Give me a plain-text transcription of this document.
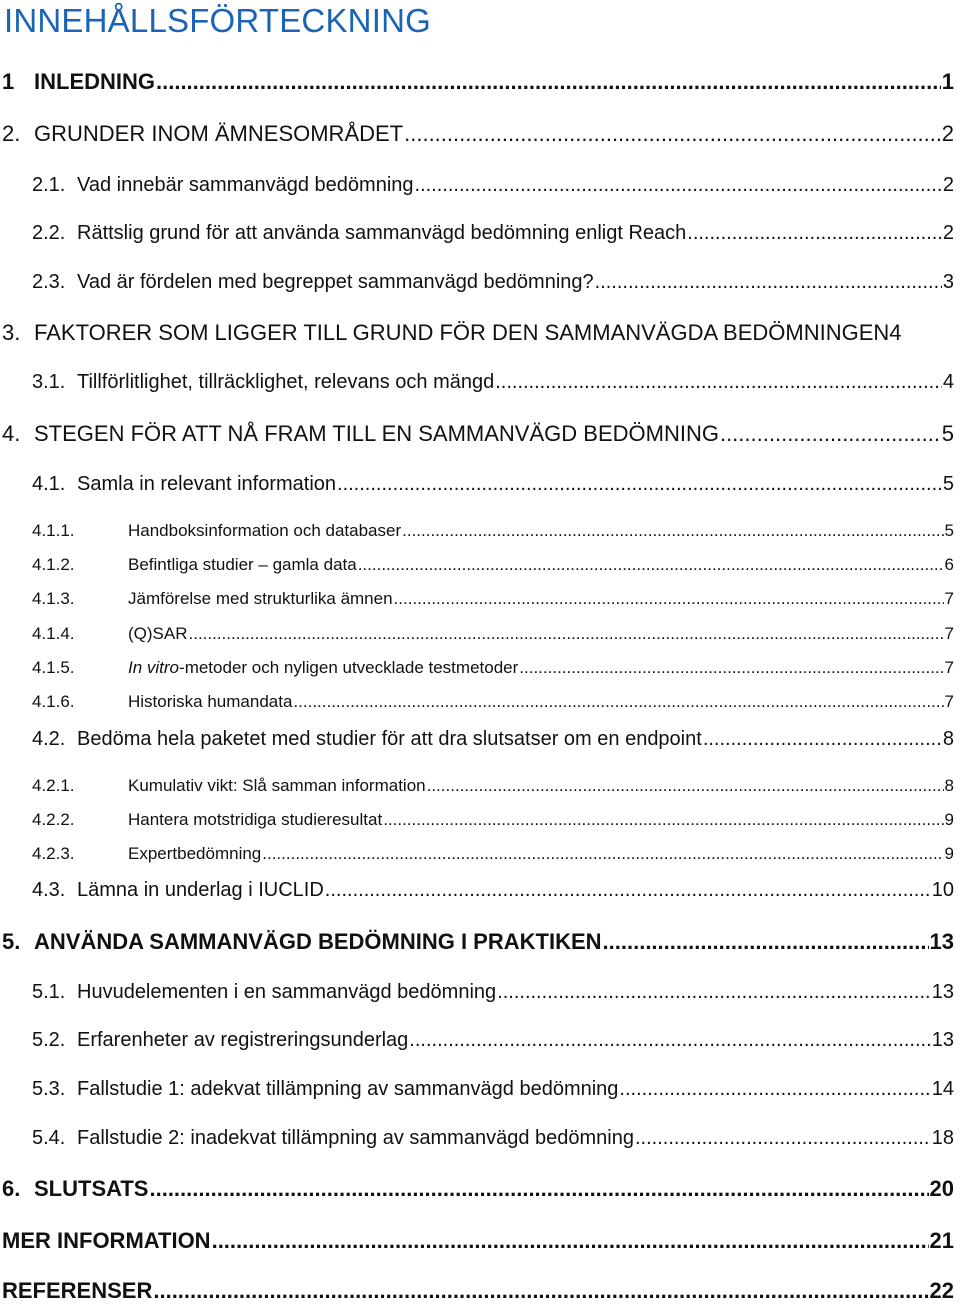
INNEHÅLLSFÖRTECKNING
1 INLEDNING .....	1
2. GRUNDER INOM ÄMNESOMRÅDET .....	2
2.1. Vad innebär sammanvägd bedömning .....	2
2.2. Rättslig grund för att använda sammanvägd bedömning enligt Reach .....	2
2.3. Vad är fördelen med begreppet sammanvägd bedömning? .....	3
3. FAKTORER SOM LIGGER TILL GRUND FÖR DEN SAMMANVÄGDA BEDÖMNINGEN 4
3.1. Tillförlitlighet, tillräcklighet, relevans och mängd .....	4
4. STEGEN FÖR ATT NÅ FRAM TILL EN SAMMANVÄGD BEDÖMNING .....	5
4.1. Samla in relevant information .....	5
4.1.1.	Handboksinformation och databaser .....	5
4.1.2.	Befintliga studier – gamla data .....	6
4.1.3.	Jämförelse med strukturlika ämnen .....	7
4.1.4.	(Q)SAR .....	7
4.1.5.	In vitro-metoder och nyligen utvecklade testmetoder .....	7
4.1.6.	Historiska humandata .....	7
4.2. Bedöma hela paketet med studier för att dra slutsatser om en endpoint .....	8
4.2.1.	Kumulativ vikt: Slå samman information .....	8
4.2.2.	Hantera motstridiga studieresultat .....	9
4.2.3.	Expertbedömning .....	9
4.3. Lämna in underlag i IUCLID .....	10
5. ANVÄNDA SAMMANVÄGD BEDÖMNING I PRAKTIKEN .....	13
5.1. Huvudelementen i en sammanvägd bedömning .....	13
5.2. Erfarenheter av registreringsunderlag .....	13
5.3. Fallstudie 1: adekvat tillämpning av sammanvägd bedömning .....	14
5.4. Fallstudie 2: inadekvat tillämpning av sammanvägd bedömning .....	18
6. SLUTSATS .....	20
MER INFORMATION .....	21
REFERENSER .....	22
